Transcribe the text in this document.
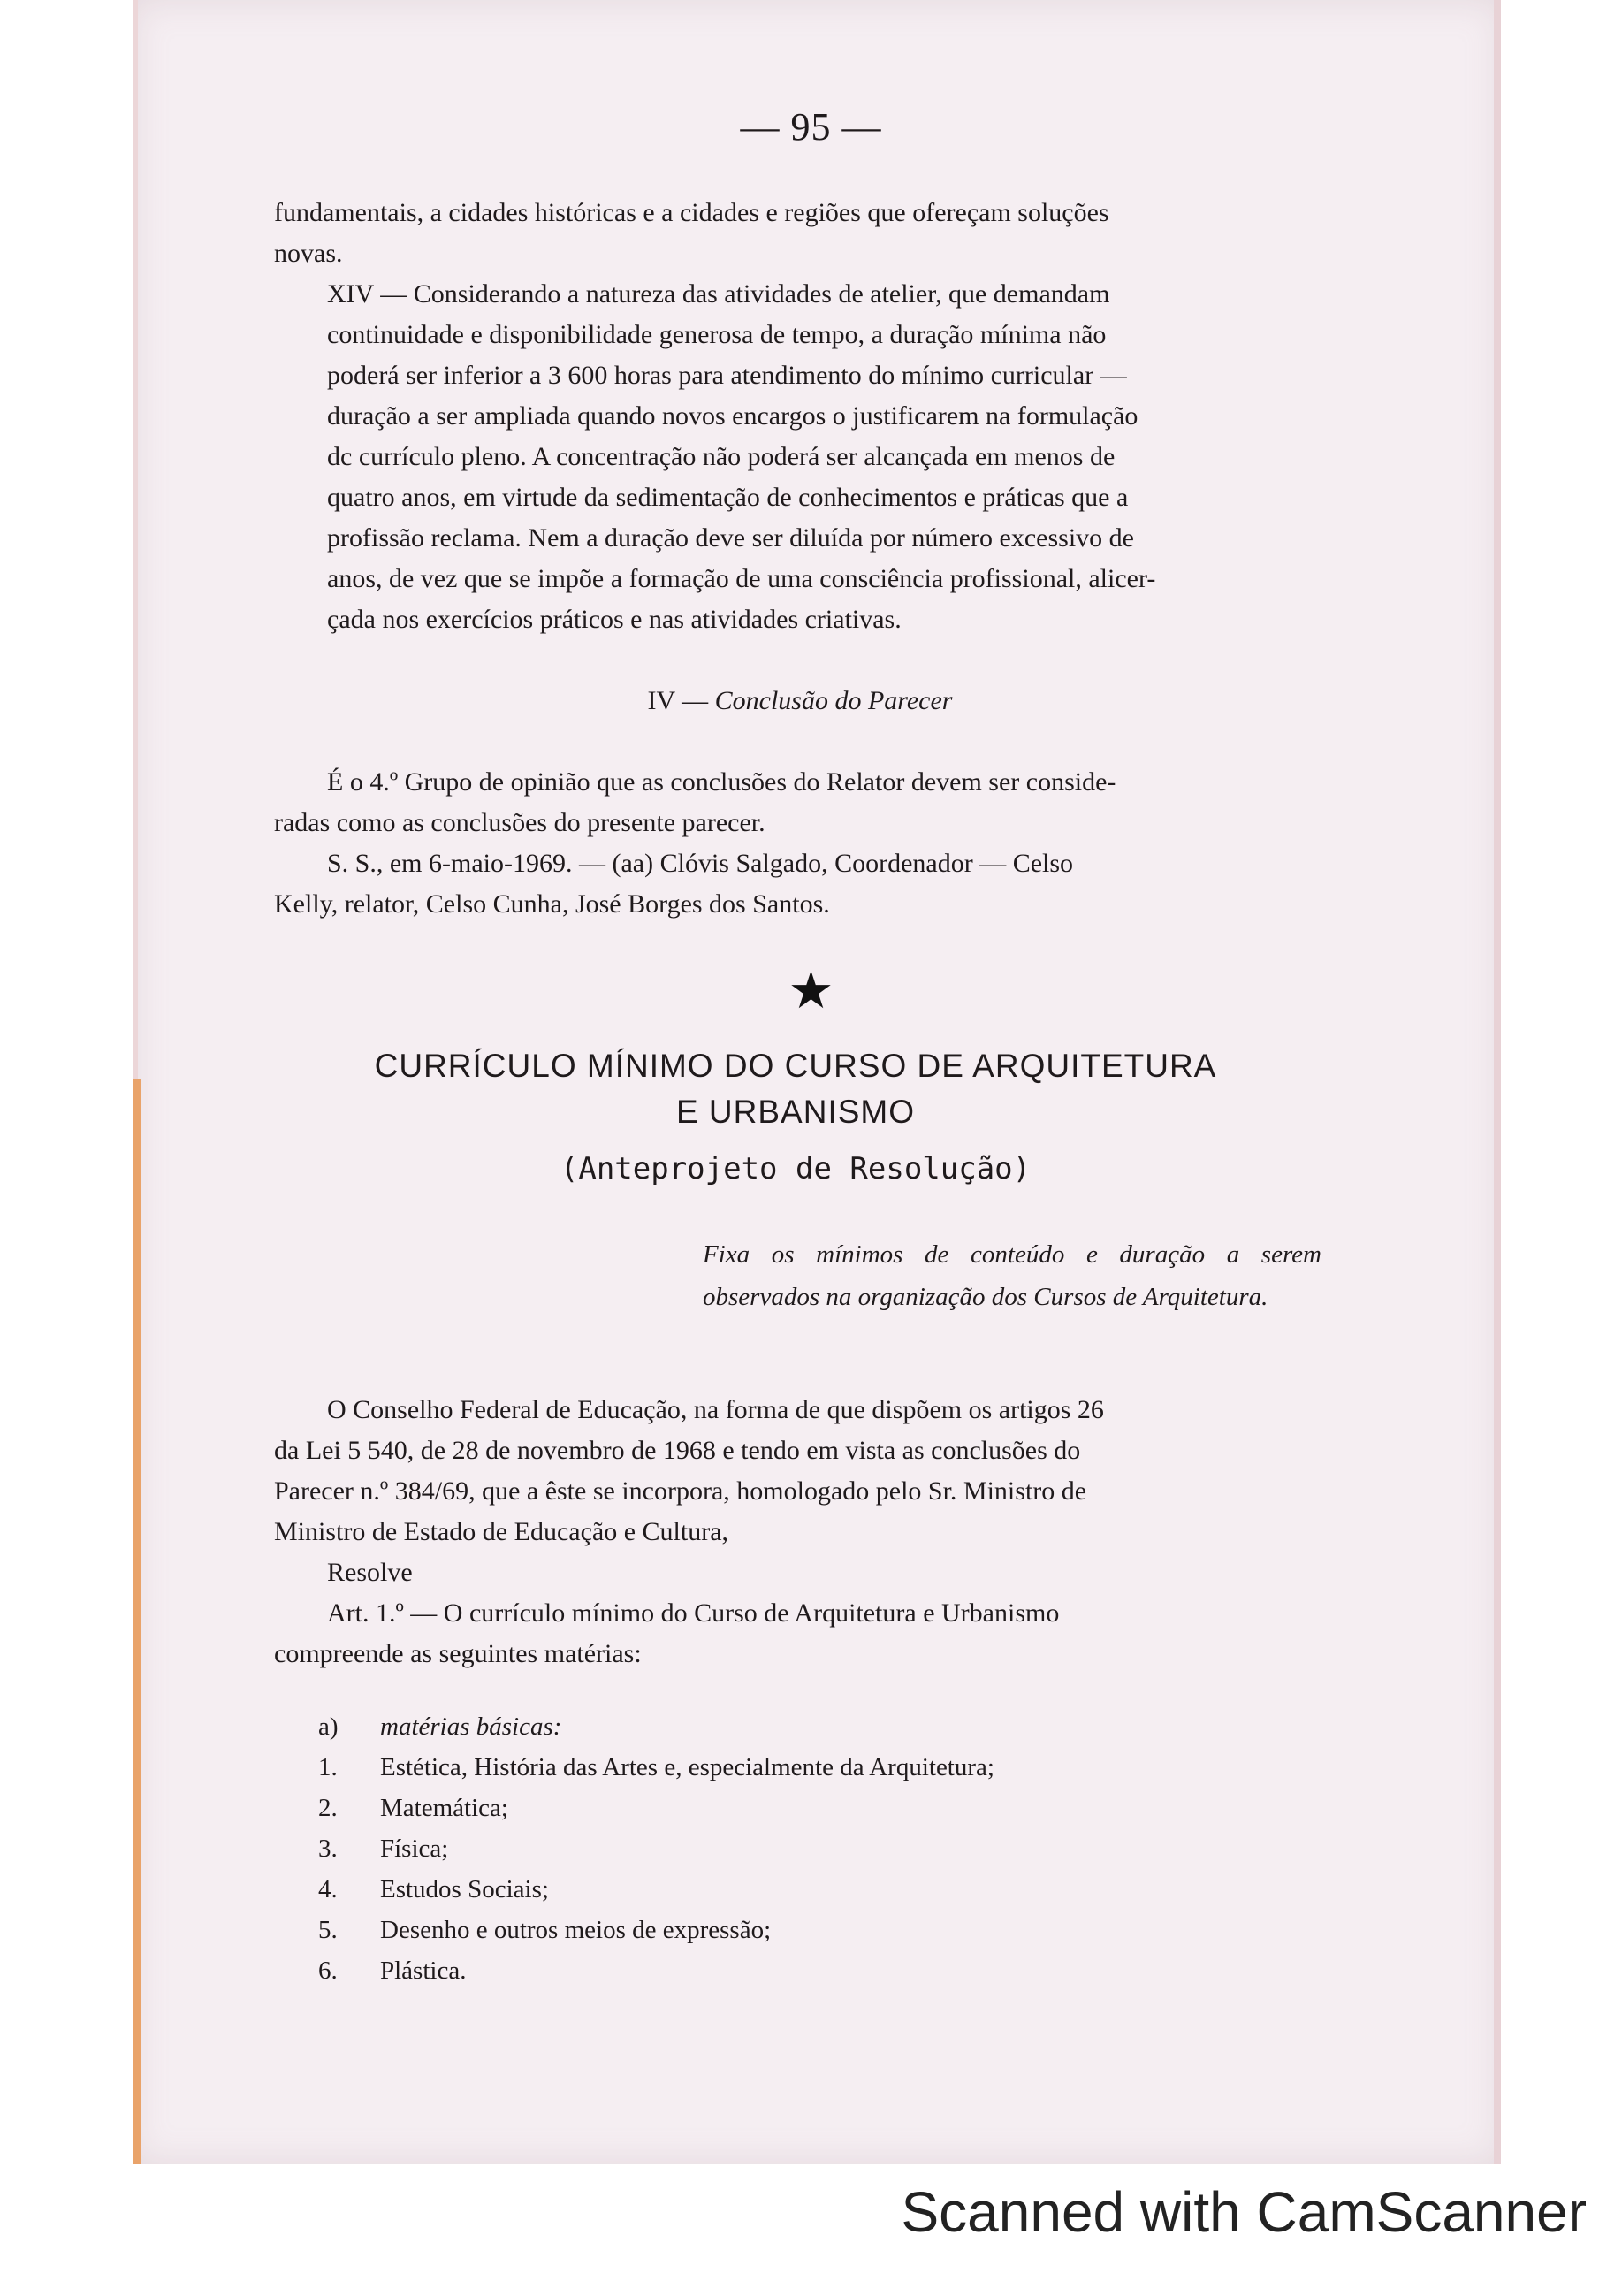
— 95 —

fundamentais, a cidades históricas e a cidades e regiões que ofereçam soluções
novas.

XIV — Considerando a natureza das atividades de atelier, que demandam
continuidade e disponibilidade generosa de tempo, a duração mínima não
poderá ser inferior a 3 600 horas para atendimento do mínimo curricular —
duração a ser ampliada quando novos encargos o justificarem na formulação
dc currículo pleno. A concentração não poderá ser alcançada em menos de
quatro anos, em virtude da sedimentação de conhecimentos e práticas que a
profissão reclama. Nem a duração deve ser diluída por número excessivo de
anos, de vez que se impõe a formação de uma consciência profissional, alicer-
çada nos exercícios práticos e nas atividades criativas.

IV — Conclusão do Parecer

É o 4.º Grupo de opinião que as conclusões do Relator devem ser conside-
radas como as conclusões do presente parecer.

S. S., em 6-maio-1969. — (aa) Clóvis Salgado, Coordenador — Celso
Kelly, relator, Celso Cunha, José Borges dos Santos.

★
CURRÍCULO MÍNIMO DO CURSO DE ARQUITETURA
E URBANISMO
(Anteprojeto de Resolução)
Fixa os mínimos de conteúdo e duração a serem observados na organização dos Cursos de Arquitetura.

O Conselho Federal de Educação, na forma de que dispõem os artigos 26
da Lei 5 540, de 28 de novembro de 1968 e tendo em vista as conclusões do
Parecer n.º 384/69, que a êste se incorpora, homologado pelo Sr. Ministro de
Ministro de Estado de Educação e Cultura,

Resolve

Art. 1.º — O currículo mínimo do Curso de Arquitetura e Urbanismo
compreende as seguintes matérias:

a)	matérias básicas:
1.	Estética, História das Artes e, especialmente da Arquitetura;
2.	Matemática;
3.	Física;
4.	Estudos Sociais;
5.	Desenho e outros meios de expressão;
6.	Plástica.
Scanned with CamScanner
